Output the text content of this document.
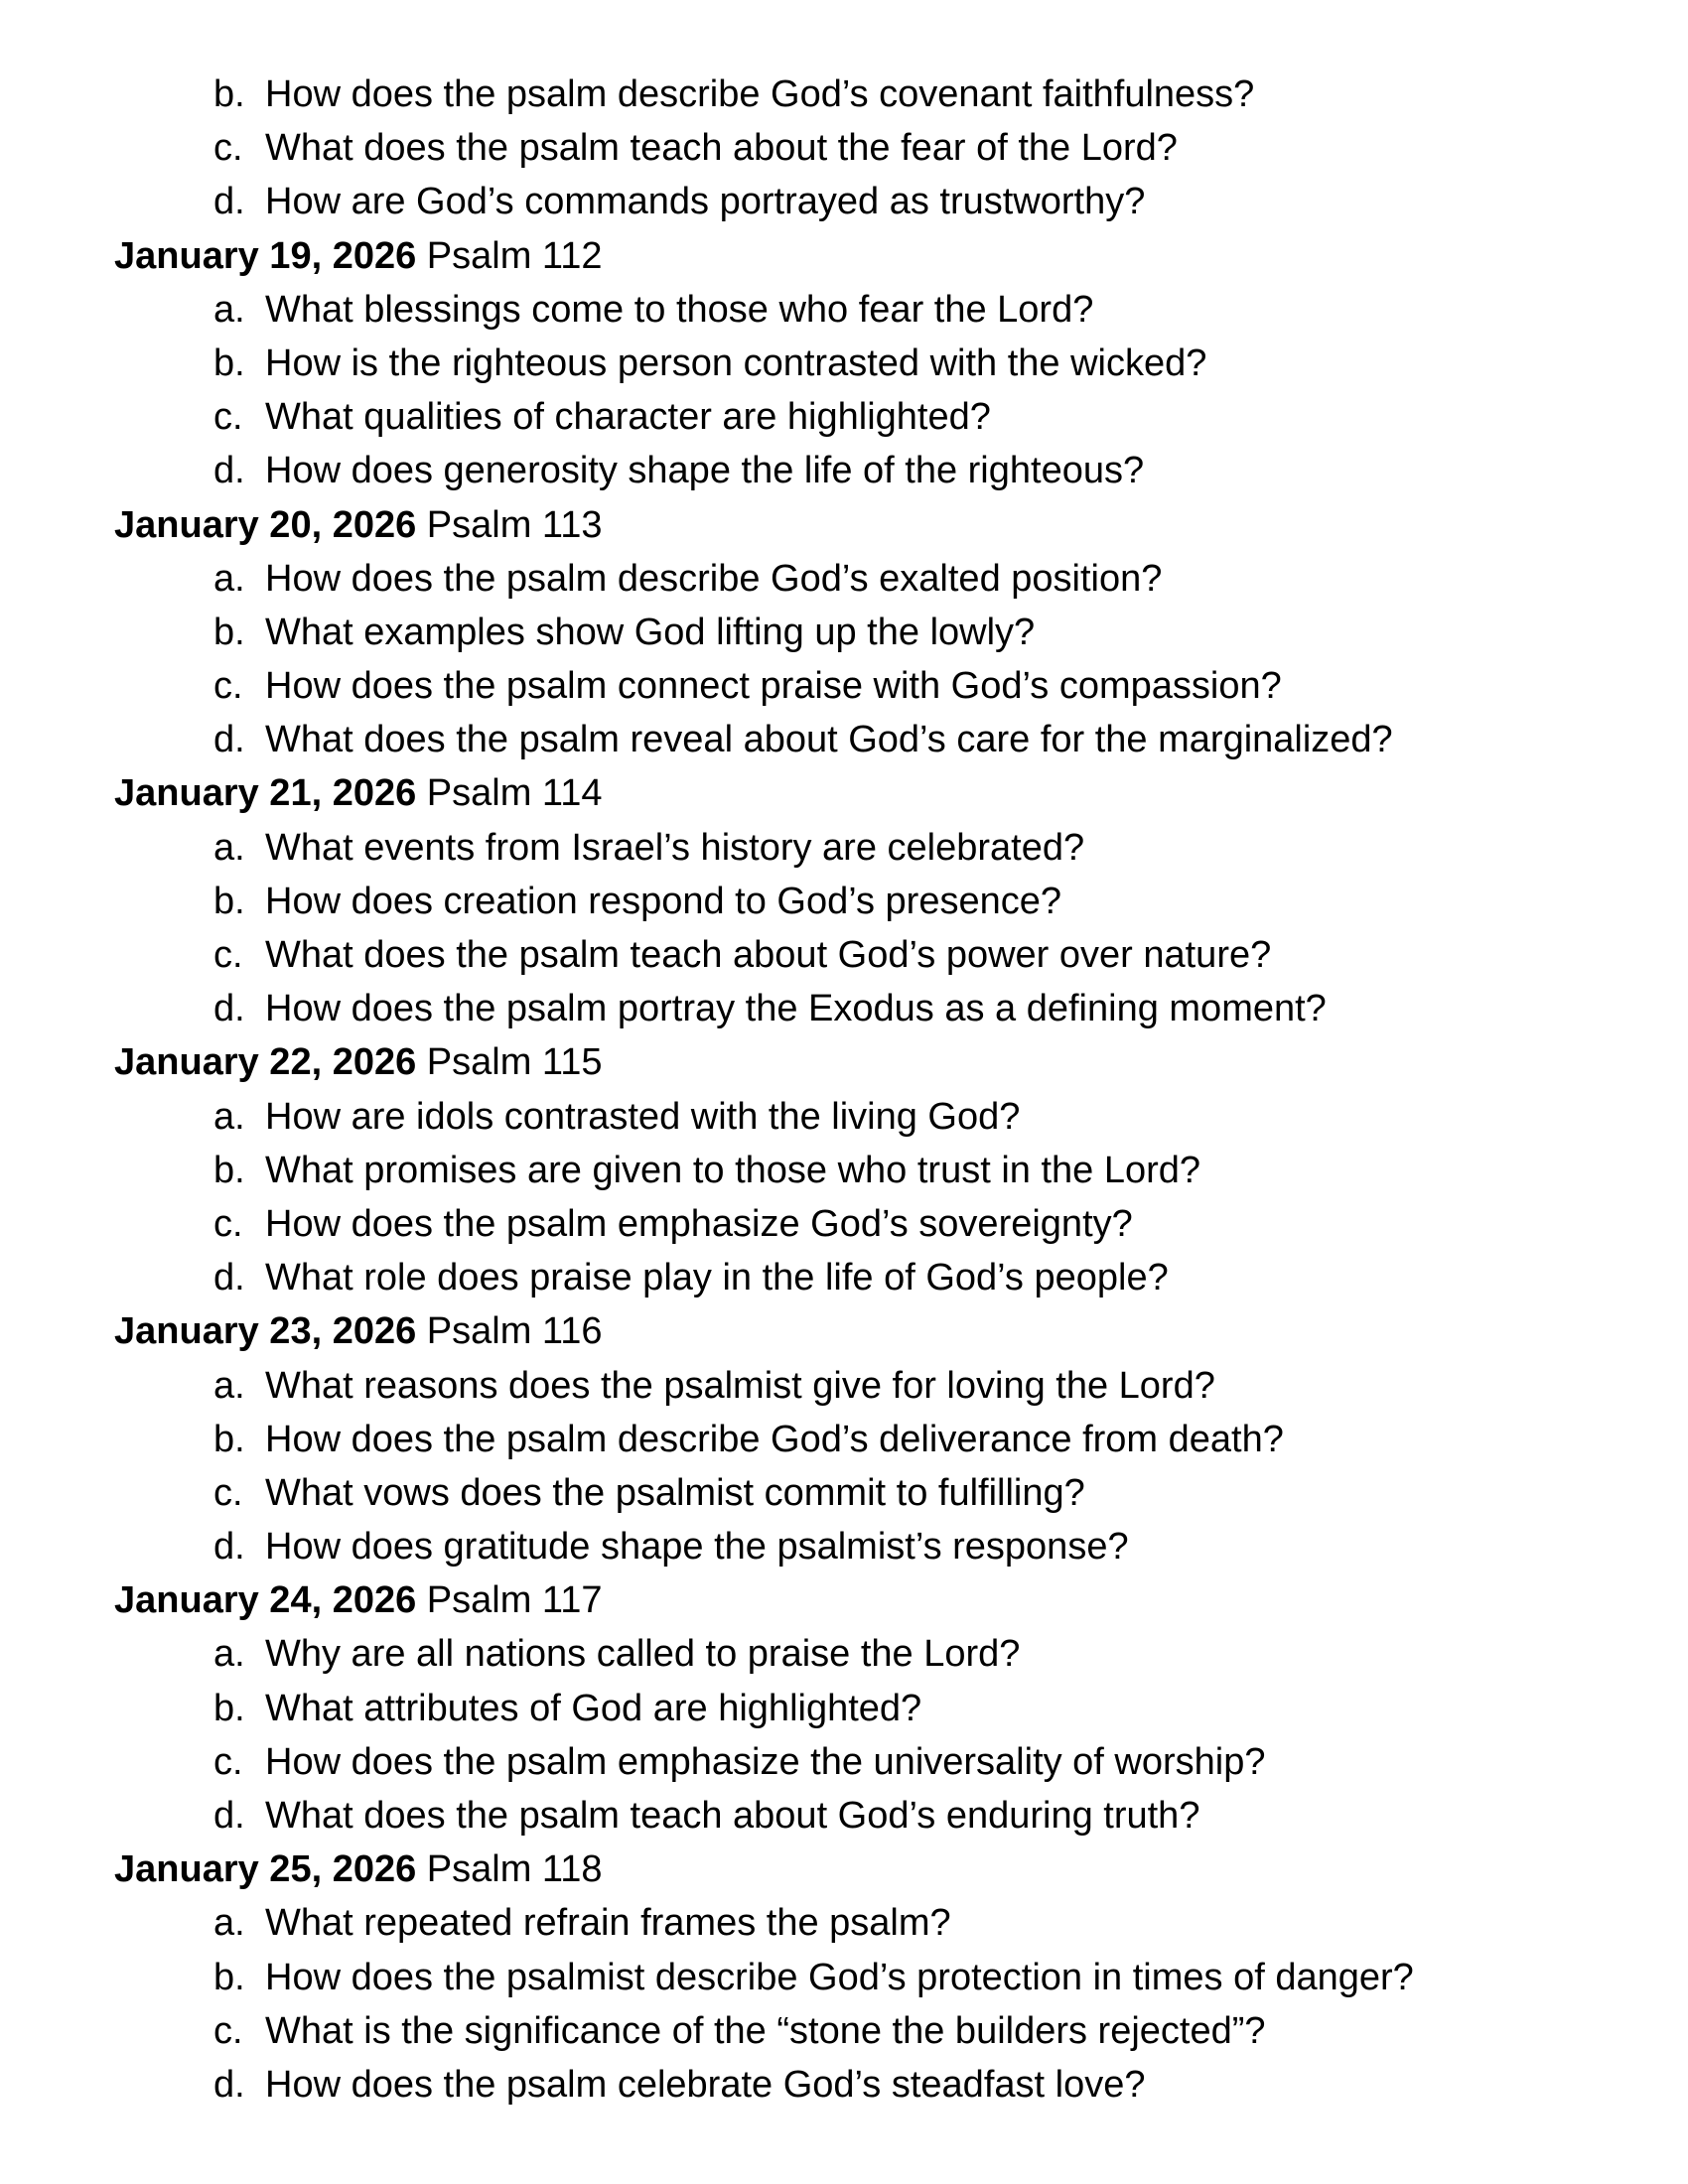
b. How does the psalm describe God’s covenant faithfulness?
c. What does the psalm teach about the fear of the Lord?
d. How are God’s commands portrayed as trustworthy?
January 19, 2026 Psalm 112
a. What blessings come to those who fear the Lord?
b. How is the righteous person contrasted with the wicked?
c. What qualities of character are highlighted?
d. How does generosity shape the life of the righteous?
January 20, 2026 Psalm 113
a. How does the psalm describe God’s exalted position?
b. What examples show God lifting up the lowly?
c. How does the psalm connect praise with God’s compassion?
d. What does the psalm reveal about God’s care for the marginalized?
January 21, 2026 Psalm 114
a. What events from Israel’s history are celebrated?
b. How does creation respond to God’s presence?
c. What does the psalm teach about God’s power over nature?
d. How does the psalm portray the Exodus as a defining moment?
January 22, 2026 Psalm 115
a. How are idols contrasted with the living God?
b. What promises are given to those who trust in the Lord?
c. How does the psalm emphasize God’s sovereignty?
d. What role does praise play in the life of God’s people?
January 23, 2026 Psalm 116
a. What reasons does the psalmist give for loving the Lord?
b. How does the psalm describe God’s deliverance from death?
c. What vows does the psalmist commit to fulfilling?
d. How does gratitude shape the psalmist’s response?
January 24, 2026 Psalm 117
a. Why are all nations called to praise the Lord?
b. What attributes of God are highlighted?
c. How does the psalm emphasize the universality of worship?
d. What does the psalm teach about God’s enduring truth?
January 25, 2026 Psalm 118
a. What repeated refrain frames the psalm?
b. How does the psalmist describe God’s protection in times of danger?
c. What is the significance of the “stone the builders rejected”?
d. How does the psalm celebrate God’s steadfast love?
